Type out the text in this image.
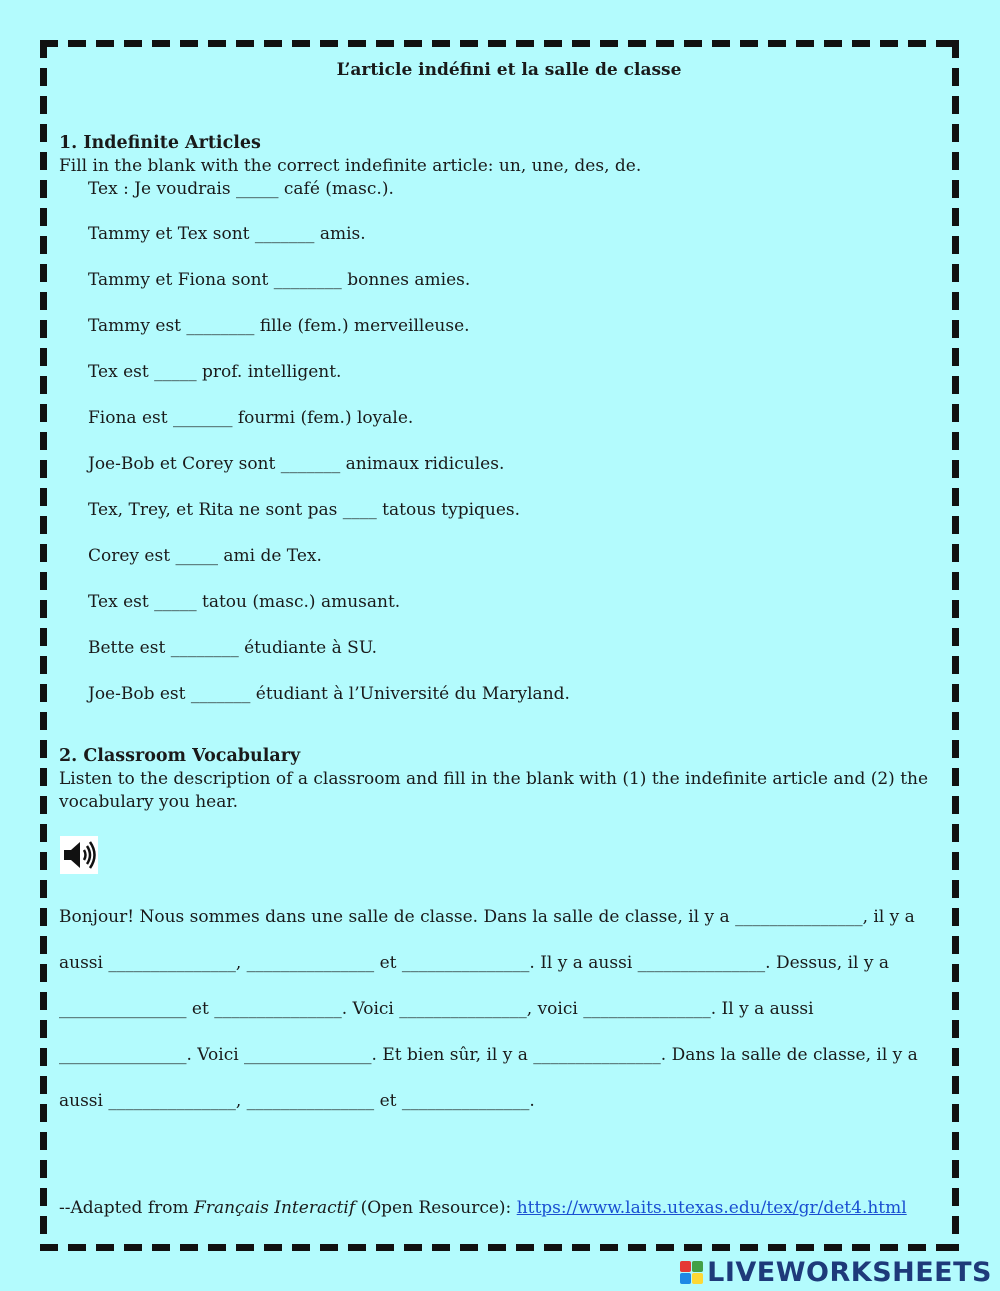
L’article indéfini et la salle de classe

1. Indefinite Articles

Fill in the blank with the correct indefinite article: un, une, des, de.

Tex : Je voudrais _____ café (masc.).
Tammy et Tex sont _______ amis.
Tammy et Fiona sont ________ bonnes amies.
Tammy est ________ fille (fem.) merveilleuse.
Tex est _____ prof. intelligent.
Fiona est _______ fourmi (fem.) loyale.
Joe-Bob et Corey sont _______ animaux ridicules.
Tex, Trey, et Rita ne sont pas ____ tatous typiques.
Corey est _____ ami de Tex.
Tex est _____ tatou (masc.) amusant.
Bette est ________ étudiante à SU.
Joe-Bob est _______ étudiant à l’Université du Maryland.

2. Classroom Vocabulary

Listen to the description of a classroom and fill in the blank with (1) the indefinite article and (2) the vocabulary you hear.

Bonjour! Nous sommes dans une salle de classe. Dans la salle de classe, il y a _______________, il y a aussi _______________, _______________ et _______________. Il y a aussi _______________. Dessus, il y a _______________ et _______________. Voici _______________, voici _______________. Il y a aussi _______________. Voici _______________. Et bien sûr, il y a _______________. Dans la salle de classe, il y a aussi _______________, _______________ et _______________.

--Adapted from Français Interactif (Open Resource): https://www.laits.utexas.edu/tex/gr/det4.html
LIVEWORKSHEETS
